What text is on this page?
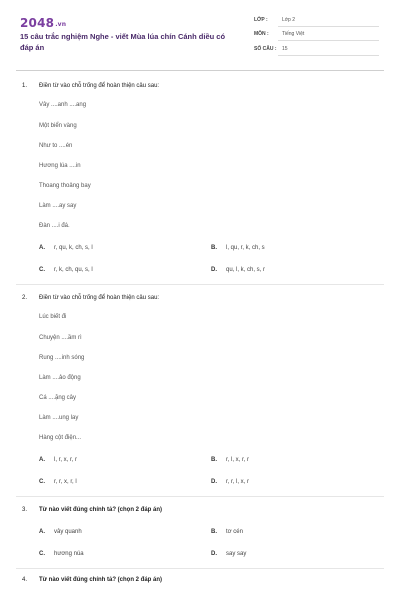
2048.vn
15 câu trắc nghiệm Nghe - viết Mùa lúa chín Cánh diều có đáp án
LỚP :	Lớp 2
MÔN :	Tiếng Việt
SỐ CÂU : 15
1. Điền từ vào chỗ trống để hoàn thiện câu sau:
Vây ....anh ....ang
Một biển vàng
Như to ....én
Hương lúa ....in
Thoang thoảng bay
Làm ....ay say
Đàn ....i đá.
A. r, qu, k, ch, s, l	B. l, qu, r, k, ch, s
C. r, k, ch, qu, s, l	D. qu, l, k, ch, s, r
2. Điền từ vào chỗ trống để hoàn thiện câu sau:
Lúc biết đi
Chuyện ....ầm rì
Rung ....inh sóng
Làm ....ảo động
Cá ....ặng cây
Làm ....ung lay
Hàng cột điện...
A. l, r, x, r, r	B. r, l, x, r, r
C. r, r, x, r, l	D. r, r, l, x, r
3. Từ nào viết đúng chính tả? (chọn 2 đáp án)
A. vây quanh	B. tơ cén
C. hương núa	D. say say
4. Từ nào viết đúng chính tả? (chọn 2 đáp án)
